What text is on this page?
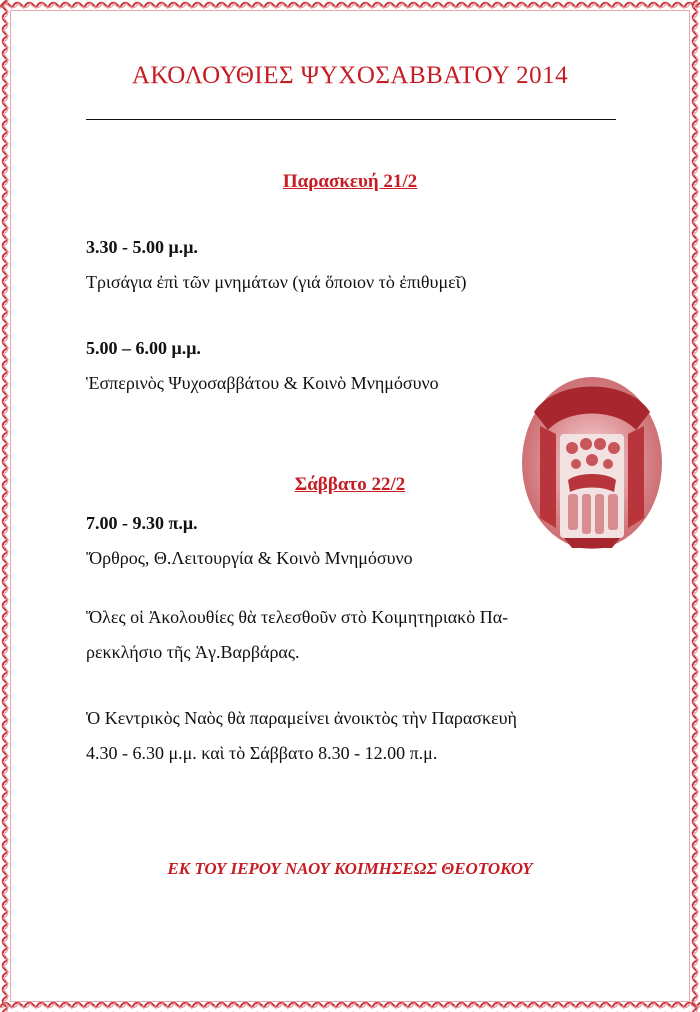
ΑΚΟΛΟΥΘΙΕΣ ΨΥΧΟΣΑΒΒΑΤΟΥ 2014
Παρασκευή 21/2
3.30 - 5.00 μ.μ.
Τρισάγια ἐπὶ τῶν μνημάτων (γιά ὅποιον τὸ ἐπιθυμεῖ)
5.00 – 6.00 μ.μ.
Ἑσπερινὸς Ψυχοσαββάτου & Κοινὸ Μνημόσυνο
Σάββατο 22/2
7.00 - 9.30 π.μ.
Ὄρθρος, Θ.Λειτουργία & Κοινὸ Μνημόσυνο
Ὅλες οἱ Ἀκολουθίες θὰ τελεσθοῦν στὸ Κοιμητηριακὸ Πα-
ρεκκλήσιο τῆς Ἁγ.Βαρβάρας.
Ὁ Κεντρικὸς Ναὸς θὰ παραμείνει ἀνοικτὸς τὴν Παρασκευὴ
4.30 - 6.30 μ.μ. καὶ τὸ Σάββατο 8.30 - 12.00 π.μ.
ΕΚ ΤΟΥ ΙΕΡΟΥ ΝΑΟΥ ΚΟΙΜΗΣΕΩΣ ΘΕΟΤΟΚΟΥ
